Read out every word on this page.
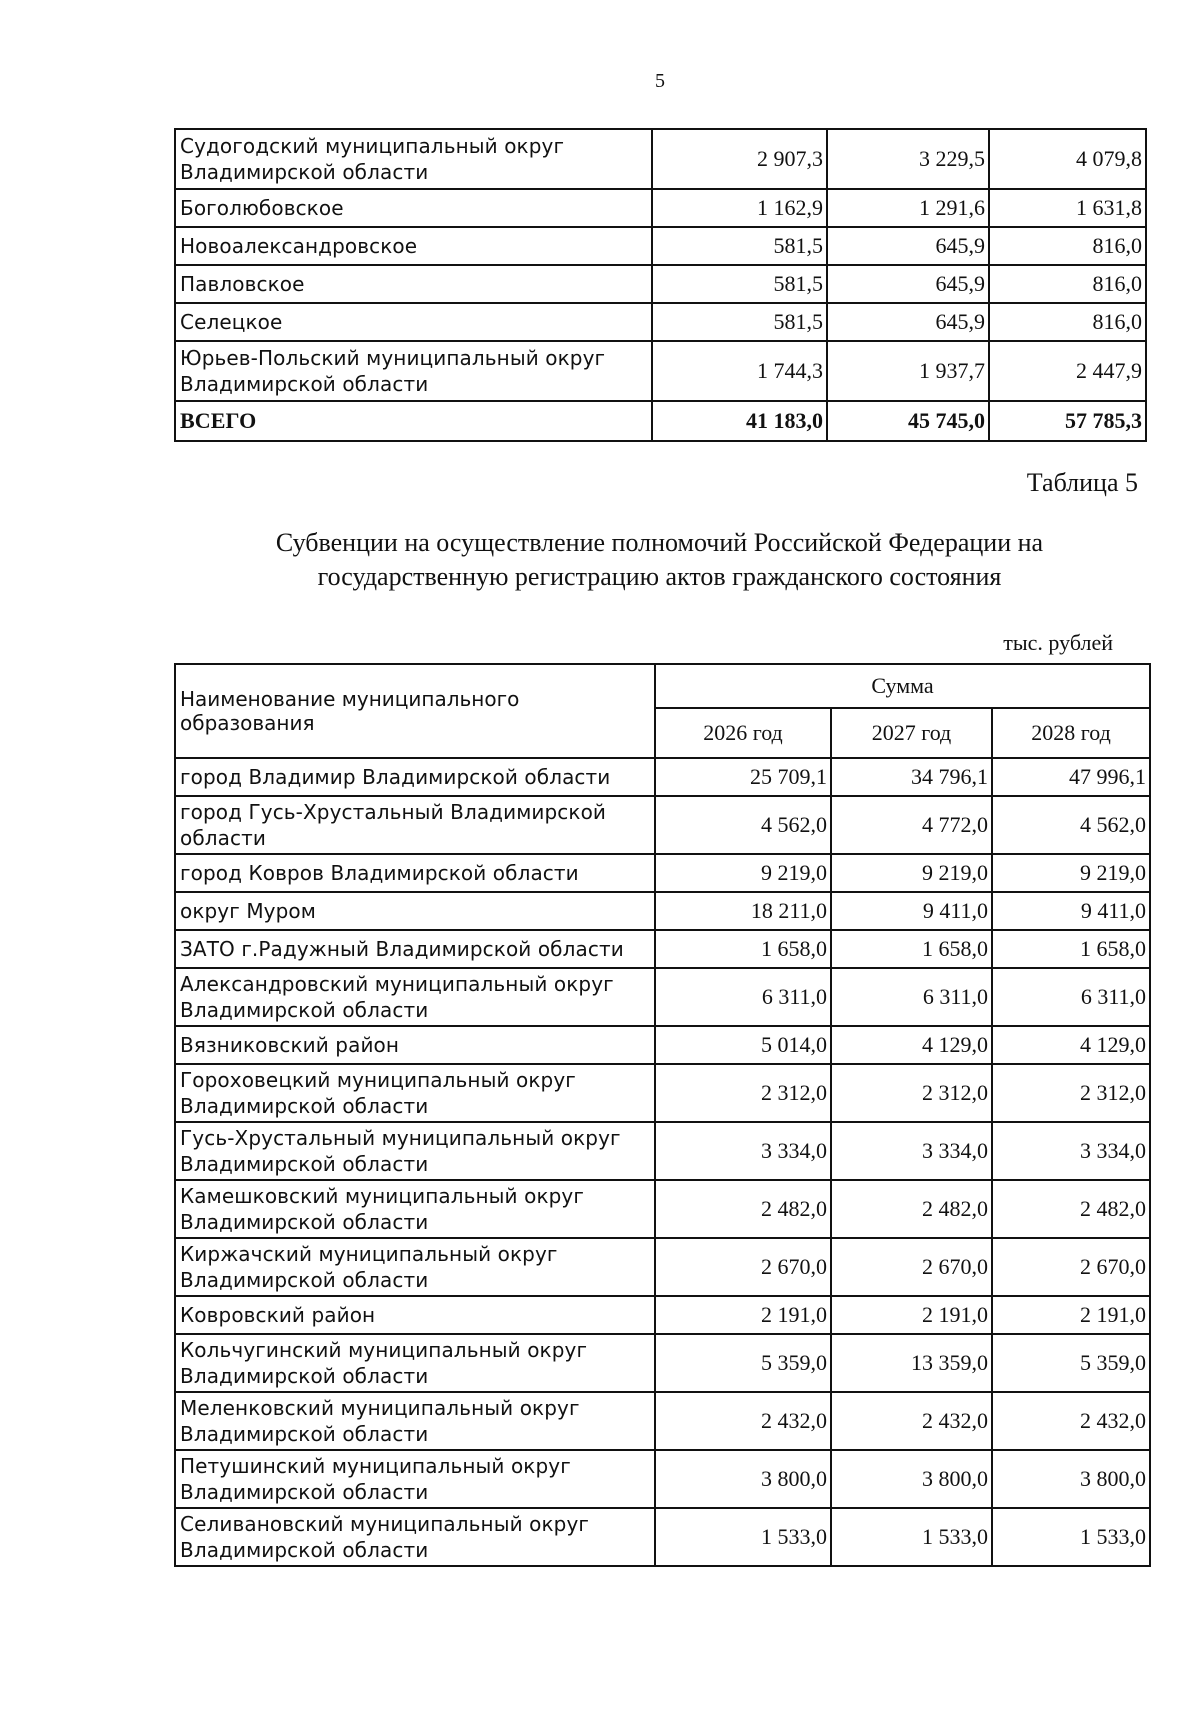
5
Судогодский муниципальный округ Владимирской области	2 907,3	3 229,5	4 079,8
Боголюбовское	1 162,9	1 291,6	1 631,8
Новоалександровское	581,5	645,9	816,0
Павловское	581,5	645,9	816,0
Селецкое	581,5	645,9	816,0
Юрьев-Польский муниципальный округ Владимирской области	1 744,3	1 937,7	2 447,9
ВСЕГО	41 183,0	45 745,0	57 785,3
Таблица 5
Субвенции на осуществление полномочий Российской Федерации на
государственную регистрацию актов гражданского состояния
тыс. рублей
Наименование муниципального образования	Сумма		
	2026 год	2027 год	2028 год
город Владимир Владимирской области	25 709,1	34 796,1	47 996,1
город Гусь-Хрустальный Владимирской области	4 562,0	4 772,0	4 562,0
город Ковров Владимирской области	9 219,0	9 219,0	9 219,0
округ Муром	18 211,0	9 411,0	9 411,0
ЗАТО г.Радужный Владимирской области	1 658,0	1 658,0	1 658,0
Александровский муниципальный округ Владимирской области	6 311,0	6 311,0	6 311,0
Вязниковский район	5 014,0	4 129,0	4 129,0
Гороховецкий муниципальный округ Владимирской области	2 312,0	2 312,0	2 312,0
Гусь-Хрустальный муниципальный округ Владимирской области	3 334,0	3 334,0	3 334,0
Камешковский муниципальный округ Владимирской области	2 482,0	2 482,0	2 482,0
Киржачский муниципальный округ Владимирской области	2 670,0	2 670,0	2 670,0
Ковровский район	2 191,0	2 191,0	2 191,0
Кольчугинский муниципальный округ Владимирской области	5 359,0	13 359,0	5 359,0
Меленковский муниципальный округ Владимирской области	2 432,0	2 432,0	2 432,0
Петушинский муниципальный округ Владимирской области	3 800,0	3 800,0	3 800,0
Селивановский муниципальный округ Владимирской области	1 533,0	1 533,0	1 533,0
